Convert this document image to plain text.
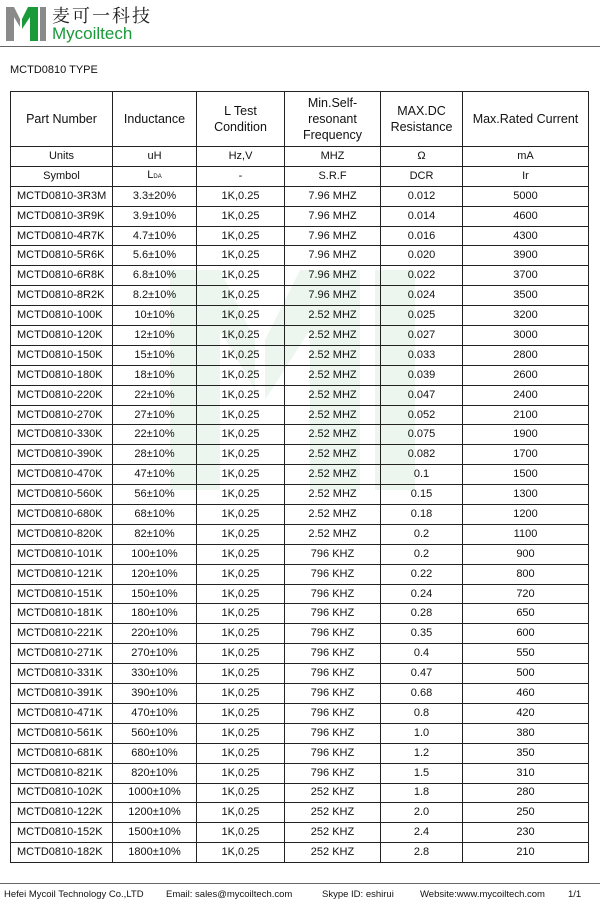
麦可一科技
Mycoiltech
MCTD0810 TYPE
Part Number	Inductance	L Test Condition	Min.Self-resonant Frequency	MAX.DC Resistance	Max.Rated Current
Units	uH	Hz,V	MHZ	Ω	mA
Symbol	LDA	-	S.R.F	DCR	Ir
MCTD0810-3R3M	3.3±20%	1K,0.25	7.96 MHZ	0.012	5000
MCTD0810-3R9K	3.9±10%	1K,0.25	7.96 MHZ	0.014	4600
MCTD0810-4R7K	4.7±10%	1K,0.25	7.96 MHZ	0.016	4300
MCTD0810-5R6K	5.6±10%	1K,0.25	7.96 MHZ	0.020	3900
MCTD0810-6R8K	6.8±10%	1K,0.25	7.96 MHZ	0.022	3700
MCTD0810-8R2K	8.2±10%	1K,0.25	7.96 MHZ	0.024	3500
MCTD0810-100K	10±10%	1K,0.25	2.52 MHZ	0.025	3200
MCTD0810-120K	12±10%	1K,0.25	2.52 MHZ	0.027	3000
MCTD0810-150K	15±10%	1K,0.25	2.52 MHZ	0.033	2800
MCTD0810-180K	18±10%	1K,0.25	2.52 MHZ	0.039	2600
MCTD0810-220K	22±10%	1K,0.25	2.52 MHZ	0.047	2400
MCTD0810-270K	27±10%	1K,0.25	2.52 MHZ	0.052	2100
MCTD0810-330K	22±10%	1K,0.25	2.52 MHZ	0.075	1900
MCTD0810-390K	28±10%	1K,0.25	2.52 MHZ	0.082	1700
MCTD0810-470K	47±10%	1K,0.25	2.52 MHZ	0.1	1500
MCTD0810-560K	56±10%	1K,0.25	2.52 MHZ	0.15	1300
MCTD0810-680K	68±10%	1K,0.25	2.52 MHZ	0.18	1200
MCTD0810-820K	82±10%	1K,0.25	2.52 MHZ	0.2	1100
MCTD0810-101K	100±10%	1K,0.25	796 KHZ	0.2	900
MCTD0810-121K	120±10%	1K,0.25	796 KHZ	0.22	800
MCTD0810-151K	150±10%	1K,0.25	796 KHZ	0.24	720
MCTD0810-181K	180±10%	1K,0.25	796 KHZ	0.28	650
MCTD0810-221K	220±10%	1K,0.25	796 KHZ	0.35	600
MCTD0810-271K	270±10%	1K,0.25	796 KHZ	0.4	550
MCTD0810-331K	330±10%	1K,0.25	796 KHZ	0.47	500
MCTD0810-391K	390±10%	1K,0.25	796 KHZ	0.68	460
MCTD0810-471K	470±10%	1K,0.25	796 KHZ	0.8	420
MCTD0810-561K	560±10%	1K,0.25	796 KHZ	1.0	380
MCTD0810-681K	680±10%	1K,0.25	796 KHZ	1.2	350
MCTD0810-821K	820±10%	1K,0.25	796 KHZ	1.5	310
MCTD0810-102K	1000±10%	1K,0.25	252 KHZ	1.8	280
MCTD0810-122K	1200±10%	1K,0.25	252 KHZ	2.0	250
MCTD0810-152K	1500±10%	1K,0.25	252 KHZ	2.4	230
MCTD0810-182K	1800±10%	1K,0.25	252 KHZ	2.8	210
Hefei Mycoil Technology Co.,LTD Email: sales@mycoiltech.com	Skype ID: eshirui	Website:www.mycoiltech.com 1/1
